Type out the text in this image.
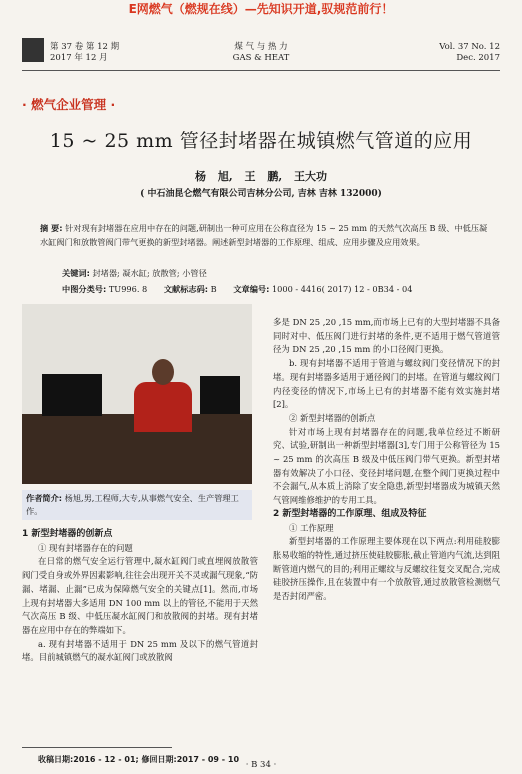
E网燃气（燃规在线）—先知识开道,驭规范前行！
第 37 卷 第 12 期
2017 年 12 月
煤 气 与 热 力
GAS & HEAT
Vol. 37 No. 12
Dec. 2017
· 燃气企业管理 ·
15 ~ 25 mm 管径封堵器在城镇燃气管道的应用
杨 旭, 王 鹏, 王大功
( 中石油昆仑燃气有限公司吉林分公司, 吉林 吉林 132000)
摘 要: 针对现有封堵器在应用中存在的问题,研制出一种可应用在公称直径为 15 ~ 25 mm 的天然气次高压 B 级、中低压凝水缸阀门和放散管阀门带气更换的新型封堵器。阐述新型封堵器的工作原理、组成、应用步骤及应用效果。
关键词: 封堵器; 凝水缸; 放散管; 小管径
中图分类号: TU996. 8 文献标志码: B 文章编号: 1000 - 4416( 2017) 12 - 0B34 - 04
作者简介: 杨旭,男,工程师,大专,从事燃气安全、生产管理工作。

1 新型封堵器的创新点

① 现有封堵器存在的问题

在日常的燃气安全运行管理中,凝水缸阀门或直埋阀放散管阀门受自身或外界因素影响,往往会出现开关不灵或漏气现象,“防漏、堵漏、止漏”已成为保障燃气安全的关键点[1]。然而,市场上现有封堵器大多适用 DN 100 mm 以上的管径,不能用于天然气次高压 B 级、中低压凝水缸阀门和放散阀的封堵。现有封堵器在应用中存在的弊端如下。

a. 现有封堵器不适用于 DN 25 mm 及以下的燃气管道封堵。目前城镇燃气的凝水缸阀门或放散阀

多是 DN 25 ,20 ,15 mm,而市场上已有的大型封堵器不具备同时对中、低压阀门进行封堵的条件,更不适用于燃气管道管径为 DN 25 ,20 ,15 mm 的小口径阀门更换。

b. 现有封堵器不适用于管道与螺纹阀门变径情况下的封堵。现有封堵器多适用于通径阀门的封堵。在管道与螺纹阀门内径变径的情况下,市场上已有的封堵器不能有效实施封堵[2]。

② 新型封堵器的创新点

针对市场上现有封堵器存在的问题,我单位经过不断研究、试验,研制出一种新型封堵器[3],专门用于公称管径为 15 ~ 25 mm 的次高压 B 级及中低压阀门带气更换。新型封堵器有效解决了小口径、变径封堵问题,在整个阀门更换过程中不会漏气,从本质上消除了安全隐患,新型封堵器成为城镇天然气管网维修维护的专用工具。

2 新型封堵器的工作原理、组成及特征

① 工作原理

新型封堵器的工作原理主要体现在以下两点:利用硅胶膨胀易收缩的特性,通过挤压使硅胶膨胀,截止管道内气流,达到阻断管道内燃气的目的;利用正螺纹与反螺纹往复交叉配合,完成硅胶挤压操作,且在装置中有一个放散管,通过放散管检测燃气是否封闭严密。

收稿日期:2016 - 12 - 01; 修回日期:2017 - 09 - 10
· B 34 ·
